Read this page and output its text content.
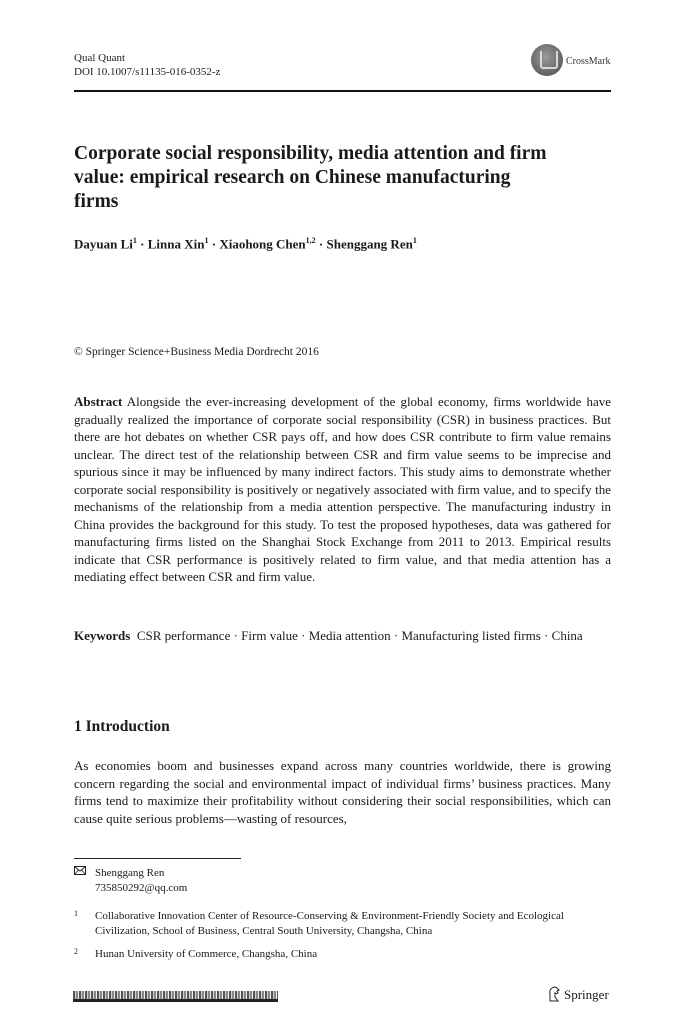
Qual Quant
DOI 10.1007/s11135-016-0352-z
CrossMark
Corporate social responsibility, media attention and firm
value: empirical research on Chinese manufacturing
firms
Dayuan $Li^1$ · Linna Xin$^1$ · Xiaohong Chen$^{1,2}$ · Shenggang Ren$^1$
© Springer Science+Business Media Dordrecht 2016
Abstract Alongside the ever-increasing development of the global economy, firms worldwide have gradually realized the importance of corporate social responsibility (CSR) in business practices. But there are hot debates on whether CSR pays off, and how does CSR contribute to firm value remains unclear. The direct test of the relationship between CSR and firm value seems to be imprecise and spurious since it may be influenced by many indirect factors. This study aims to demonstrate whether corporate social responsibility is positively or negatively associated with firm value, and to specify the mechanisms of the relationship from a media attention perspective. The manufacturing industry in China provides the background for this study. To test the proposed hypotheses, data was gathered for manufacturing firms listed on the Shanghai Stock Exchange from 2011 to 2013. Empirical results indicate that CSR performance is positively related to firm value, and that media attention has a mediating effect between CSR and firm value.
Keywords CSR performance · Firm value · Media attention · Manufacturing listed firms · China
1 Introduction
As economies boom and businesses expand across many countries worldwide, there is growing concern regarding the social and environmental impact of individual firms’ business practices. Many firms tend to maximize their profitability without considering their social responsibilities, which can cause quite serious problems—wasting of resources,
Shenggang Ren
735850292@qq.com
1 Collaborative Innovation Center of Resource-Conserving & Environment-Friendly Society and Ecological Civilization, School of Business, Central South University, Changsha, China
2 Hunan University of Commerce, Changsha, China
Springer
